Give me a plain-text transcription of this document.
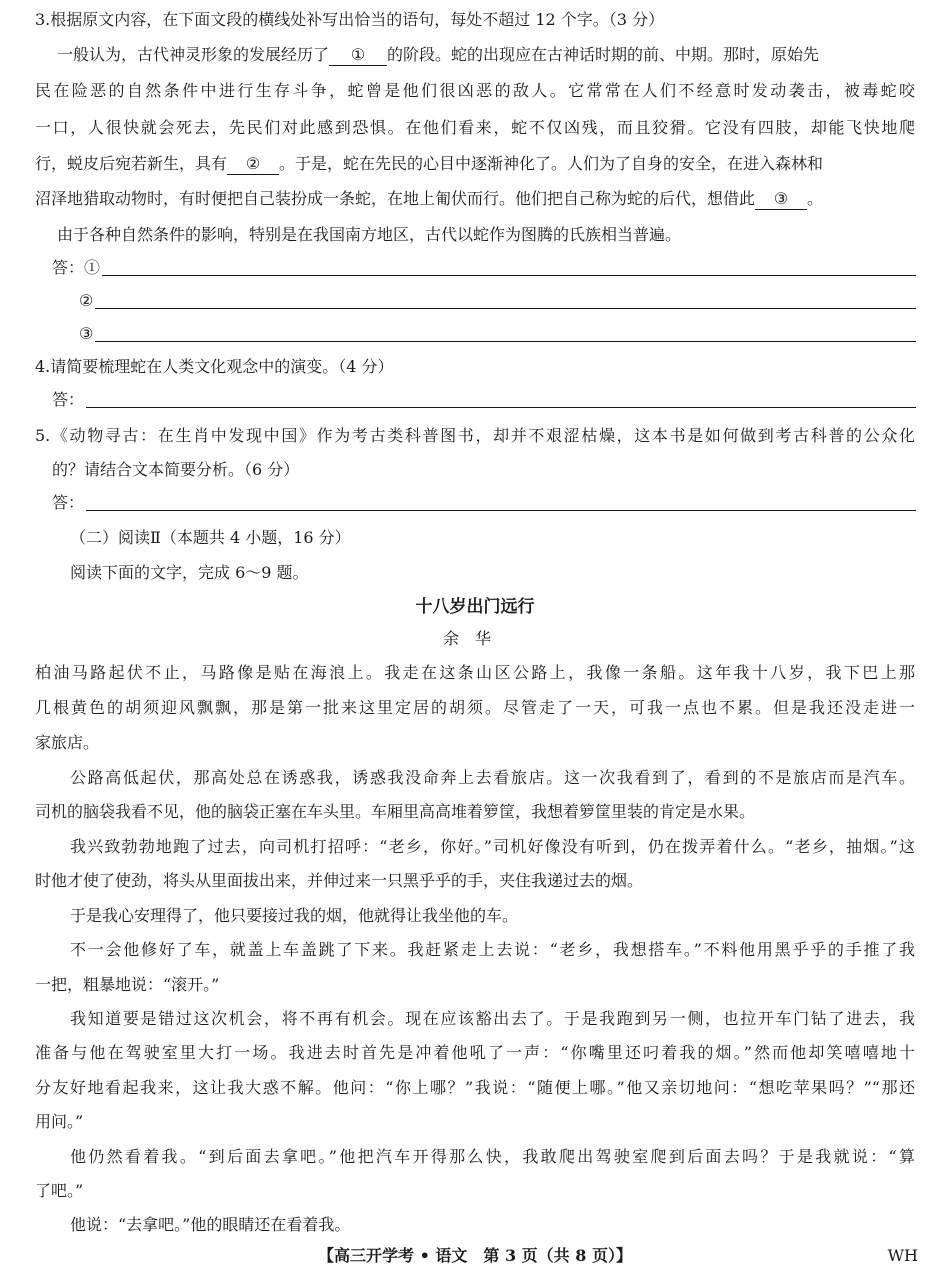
3.根据原文内容，在下面文段的横线处补写出恰当的语句，每处不超过 12 个字。（3 分）
一般认为，古代神灵形象的发展经历了 ① 的阶段。蛇的出现应在古神话时期的前、中期。那时，原始先
民在险恶的自然条件中进行生存斗争，蛇曾是他们很凶恶的敌人。它常常在人们不经意时发动袭击，被毒蛇咬
一口，人很快就会死去，先民们对此感到恐惧。在他们看来，蛇不仅凶残，而且狡猾。它没有四肢，却能飞快地爬
行，蜕皮后宛若新生，具有 ② 。于是，蛇在先民的心目中逐渐神化了。人们为了自身的安全，在进入森林和
沼泽地猎取动物时，有时便把自己装扮成一条蛇，在地上匍伏而行。他们把自己称为蛇的后代，想借此 ③ 。
由于各种自然条件的影响，特别是在我国南方地区，古代以蛇作为图腾的氏族相当普遍。
答：①
②
③
4.请简要梳理蛇在人类文化观念中的演变。（4 分）
答：
5.《动物寻古：在生肖中发现中国》作为考古类科普图书，却并不艰涩枯燥，这本书是如何做到考古科普的公众化
的？请结合文本简要分析。（6 分）
答：
（二）阅读Ⅱ（本题共 4 小题，16 分）
阅读下面的文字，完成 6～9 题。
十八岁出门远行
余华
柏油马路起伏不止，马路像是贴在海浪上。我走在这条山区公路上，我像一条船。这年我十八岁，我下巴上那
几根黄色的胡须迎风飘飘，那是第一批来这里定居的胡须。尽管走了一天，可我一点也不累。但是我还没走进一
家旅店。
公路高低起伏，那高处总在诱惑我，诱惑我没命奔上去看旅店。这一次我看到了，看到的不是旅店而是汽车。
司机的脑袋我看不见，他的脑袋正塞在车头里。车厢里高高堆着箩筐，我想着箩筐里装的肯定是水果。
我兴致勃勃地跑了过去，向司机打招呼：“老乡，你好。”司机好像没有听到，仍在拨弄着什么。“老乡，抽烟。”这
时他才使了使劲，将头从里面拔出来，并伸过来一只黑乎乎的手，夹住我递过去的烟。
于是我心安理得了，他只要接过我的烟，他就得让我坐他的车。
不一会他修好了车，就盖上车盖跳了下来。我赶紧走上去说：“老乡，我想搭车。”不料他用黑乎乎的手推了我
一把，粗暴地说：“滚开。”
我知道要是错过这次机会，将不再有机会。现在应该豁出去了。于是我跑到另一侧，也拉开车门钻了进去，我
准备与他在驾驶室里大打一场。我进去时首先是冲着他吼了一声：“你嘴里还叼着我的烟。”然而他却笑嘻嘻地十
分友好地看起我来，这让我大惑不解。他问：“你上哪？”我说：“随便上哪。”他又亲切地问：“想吃苹果吗？”“那还
用问。”
他仍然看着我。“到后面去拿吧。”他把汽车开得那么快，我敢爬出驾驶室爬到后面去吗？于是我就说：“算
了吧。”
他说：“去拿吧。”他的眼睛还在看着我。
【高三开学考 • 语文　第 3 页（共 8 页）】	WH
